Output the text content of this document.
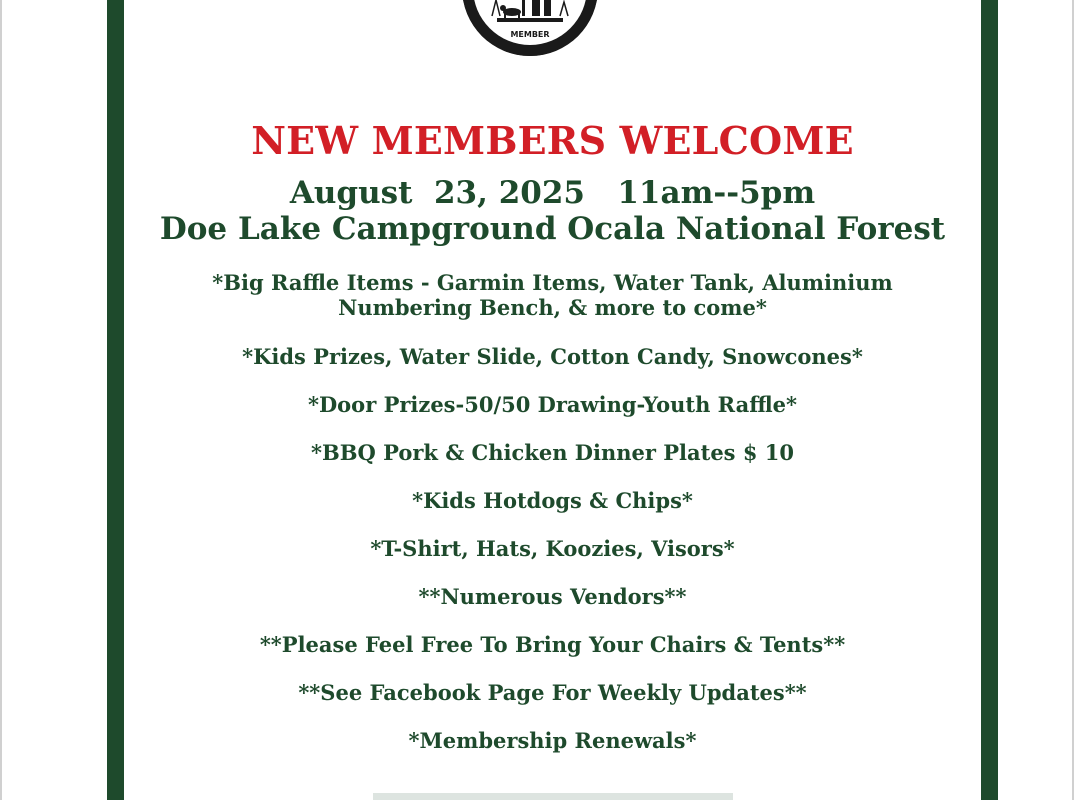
MEMBER
NEW MEMBERS WELCOME
August  23, 2025   11am--5pm
Doe Lake Campground Ocala National Forest
*Big Raffle Items - Garmin Items, Water Tank, Aluminium
Numbering Bench, & more to come*
*Kids Prizes, Water Slide, Cotton Candy, Snowcones*
*Door Prizes-50/50 Drawing-Youth Raffle*
*BBQ Pork & Chicken Dinner Plates $ 10
*Kids Hotdogs & Chips*
*T-Shirt, Hats, Koozies, Visors*
**Numerous Vendors**
**Please Feel Free To Bring Your Chairs & Tents**
**See Facebook Page For Weekly Updates**
*Membership Renewals*
